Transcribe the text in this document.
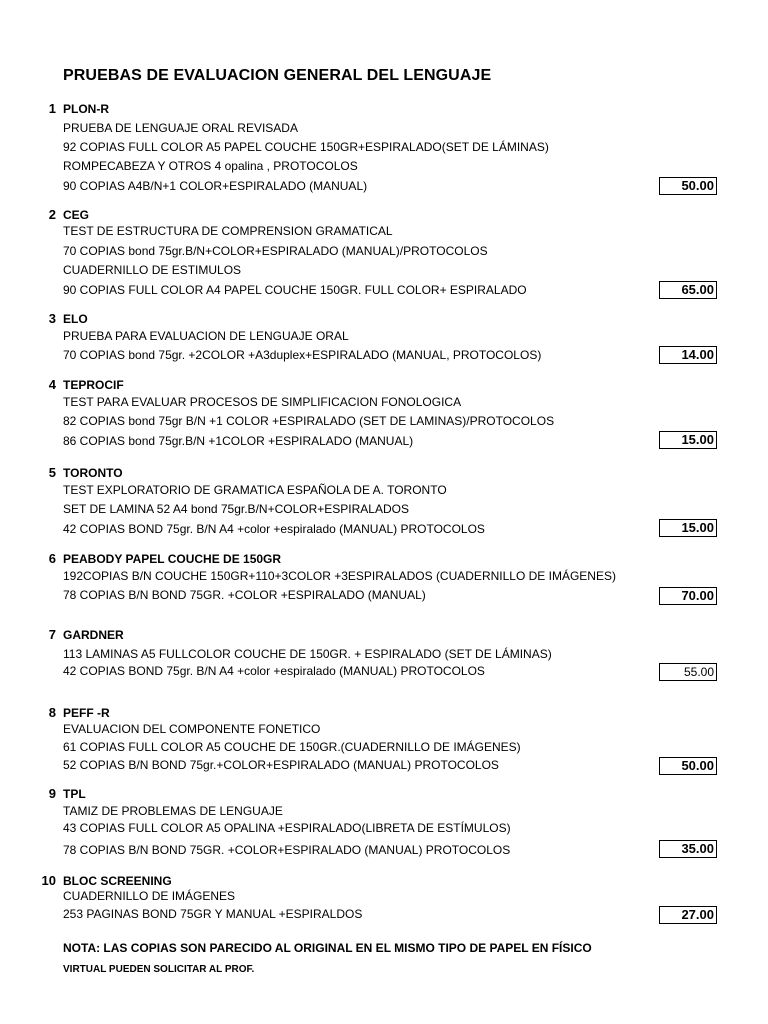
PRUEBAS DE EVALUACION GENERAL DEL LENGUAJE
1 PLON-R
PRUEBA DE LENGUAJE ORAL REVISADA
92 COPIAS FULL COLOR A5 PAPEL COUCHE 150GR+ESPIRALADO(SET DE LÁMINAS)
ROMPECABEZA Y OTROS 4 opalina , PROTOCOLOS
90 COPIAS A4B/N+1 COLOR+ESPIRALADO (MANUAL)	50.00
2 CEG
TEST DE ESTRUCTURA DE COMPRENSION GRAMATICAL
70 COPIAS bond 75gr.B/N+COLOR+ESPIRALADO (MANUAL)/PROTOCOLOS
CUADERNILLO DE ESTIMULOS
90 COPIAS FULL COLOR A4 PAPEL COUCHE 150GR. FULL COLOR+ ESPIRALADO	65.00
3 ELO
PRUEBA PARA EVALUACION DE LENGUAJE ORAL
70 COPIAS bond 75gr. +2COLOR +A3duplex+ESPIRALADO (MANUAL, PROTOCOLOS)	14.00
4 TEPROCIF
TEST PARA EVALUAR PROCESOS DE SIMPLIFICACION FONOLOGICA
82 COPIAS bond 75gr B/N +1 COLOR +ESPIRALADO (SET DE LAMINAS)/PROTOCOLOS
86 COPIAS bond 75gr.B/N +1COLOR +ESPIRALADO (MANUAL)	15.00
5 TORONTO
TEST EXPLORATORIO DE GRAMATICA ESPAÑOLA DE A. TORONTO
SET DE LAMINA 52 A4 bond 75gr.B/N+COLOR+ESPIRALADOS
42 COPIAS BOND 75gr. B/N A4 +color +espiralado (MANUAL) PROTOCOLOS	15.00
6 PEABODY PAPEL COUCHE DE 150GR
192COPIAS B/N COUCHE 150GR+110+3COLOR +3ESPIRALADOS (CUADERNILLO DE IMÁGENES)
78 COPIAS B/N BOND 75GR. +COLOR +ESPIRALADO (MANUAL)	70.00
7 GARDNER
113 LAMINAS A5 FULLCOLOR COUCHE DE 150GR. + ESPIRALADO (SET DE LÁMINAS)
42 COPIAS BOND 75gr. B/N A4 +color +espiralado (MANUAL) PROTOCOLOS	55.00
8 PEFF -R
EVALUACION DEL COMPONENTE FONETICO
61 COPIAS FULL COLOR A5 COUCHE DE 150GR.(CUADERNILLO DE IMÁGENES)
52 COPIAS B/N BOND 75gr.+COLOR+ESPIRALADO (MANUAL) PROTOCOLOS	50.00
9 TPL
TAMIZ DE PROBLEMAS DE LENGUAJE
43 COPIAS FULL COLOR A5 OPALINA +ESPIRALADO(LIBRETA DE ESTÍMULOS)
78 COPIAS B/N BOND 75GR. +COLOR+ESPIRALADO (MANUAL) PROTOCOLOS	35.00
10 BLOC SCREENING
CUADERNILLO DE IMÁGENES
253 PAGINAS BOND 75GR Y MANUAL +ESPIRALDOS	27.00
NOTA: LAS COPIAS SON PARECIDO AL ORIGINAL EN EL MISMO TIPO DE PAPEL EN FÍSICO
VIRTUAL PUEDEN SOLICITAR AL PROF.
